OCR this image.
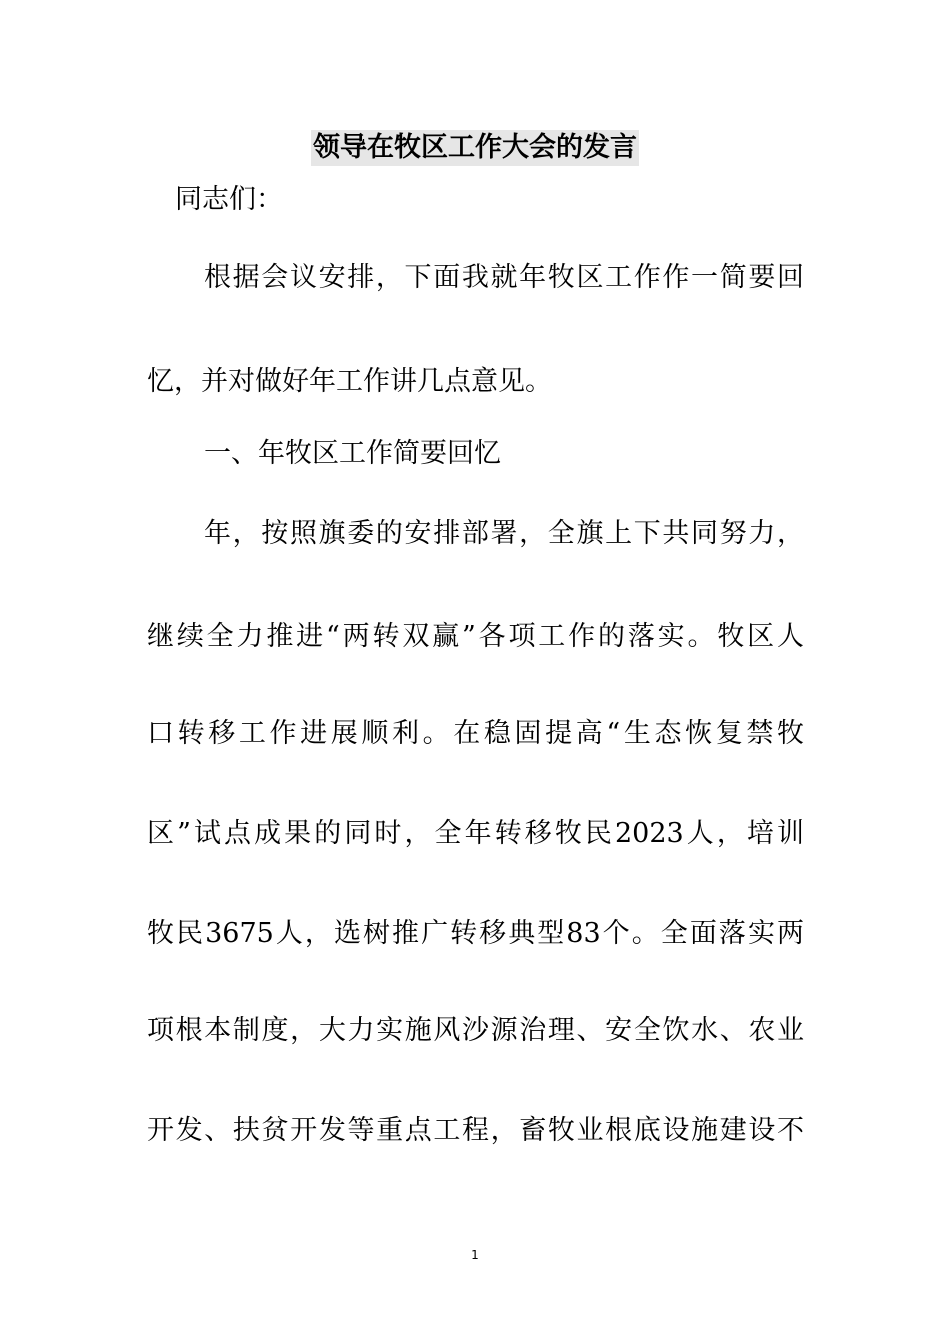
领导在牧区工作大会的发言
同志们：
根据会议安排，下面我就年牧区工作作一简要回
忆，并对做好年工作讲几点意见。
一、年牧区工作简要回忆
年，按照旗委的安排部署，全旗上下共同努力，
继续全力推进“两转双赢”各项工作的落实。牧区人
口转移工作进展顺利。在稳固提高“生态恢复禁牧
区”试点成果的同时，全年转移牧民2023人，培训
牧民3675人，选树推广转移典型83个。全面落实两
项根本制度，大力实施风沙源治理、安全饮水、农业
开发、扶贫开发等重点工程，畜牧业根底设施建设不
1
